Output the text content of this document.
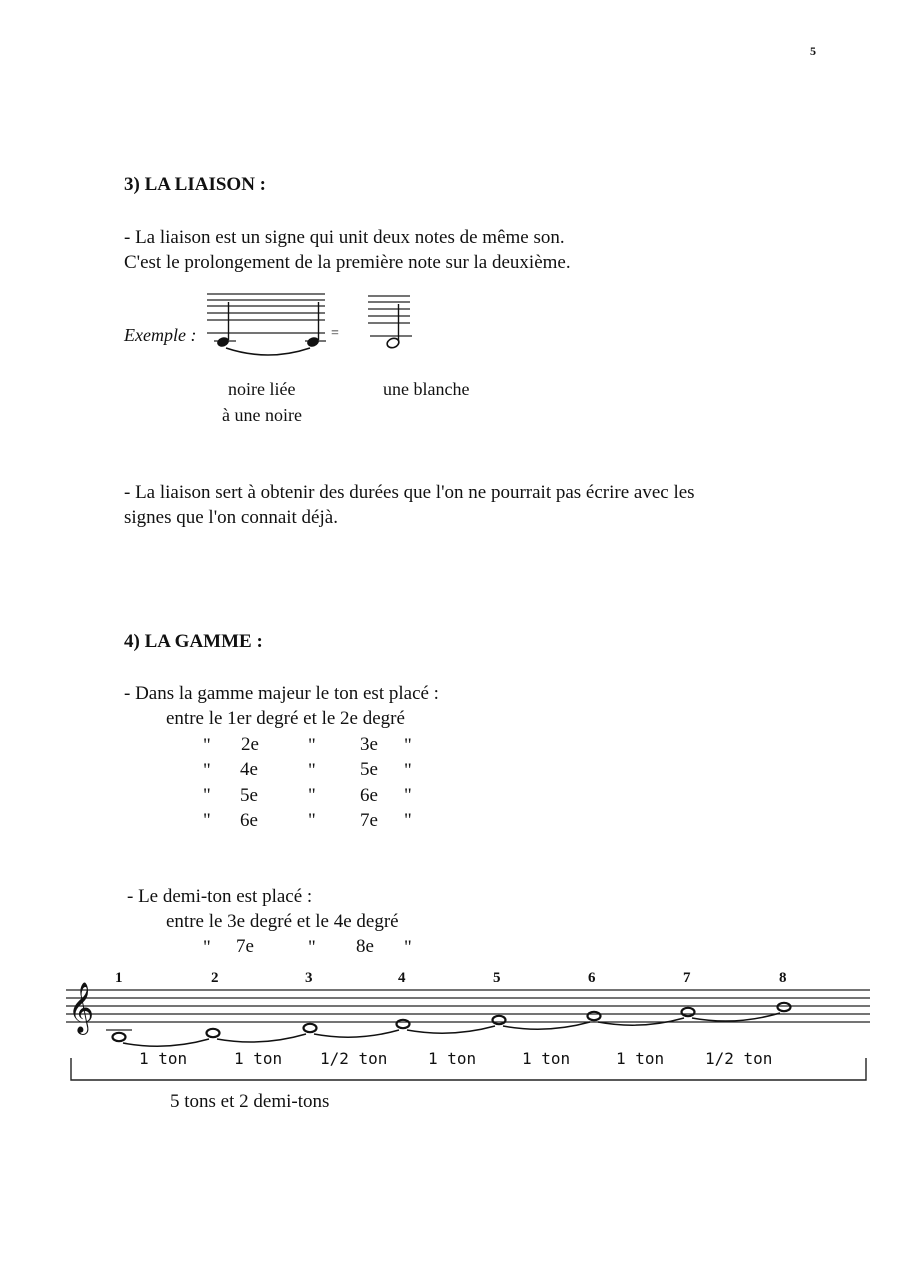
5
3) LA LIAISON :
- La liaison est un signe qui unit deux notes de même son.
C'est le prolongement de la première note sur la deuxième.
Exemple :	=
noire liée
à une noire
une blanche
- La liaison sert à obtenir des durées que l'on ne pourrait pas écrire avec les
signes que l'on connait déjà.
4) LA GAMME :
- Dans la gamme majeur le ton est placé :
entre le 1er degré et le 2e degré
" 2e	" 3e "
" 4e	" 5e "
" 5e	" 6e "
" 6e	" 7e "
- Le demi-ton est placé :
entre le 3e degré et le 4e degré
" 7e	" 8e "
𝄞
1	2	3	4	5	6	7	8
1 ton	1 ton 1/2 ton	1 ton	1 ton	1 ton	1/2 ton
5 tons et 2 demi-tons
